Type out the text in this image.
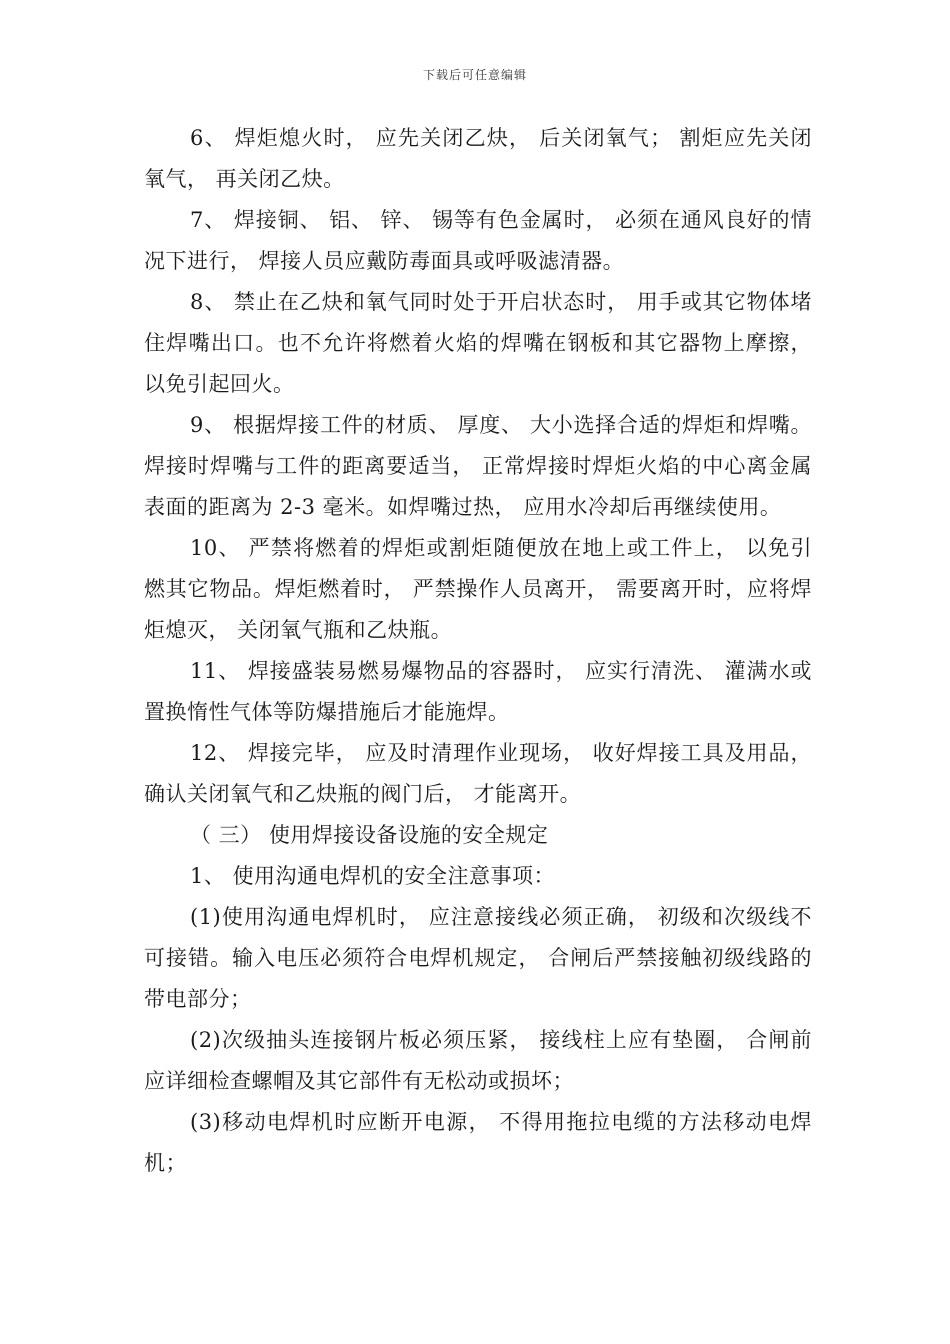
下载后可任意编辑

6、 焊炬熄火时， 应先关闭乙炔， 后关闭氧气； 割炬应先关闭氧气， 再关闭乙炔。

7、 焊接铜、 铝、 锌、 锡等有色金属时， 必须在通风良好的情况下进行， 焊接人员应戴防毒面具或呼吸滤清器。

8、 禁止在乙炔和氧气同时处于开启状态时， 用手或其它物体堵住焊嘴出口。也不允许将燃着火焰的焊嘴在钢板和其它器物上摩擦， 以免引起回火。

9、 根据焊接工件的材质、 厚度、 大小选择合适的焊炬和焊嘴。焊接时焊嘴与工件的距离要适当， 正常焊接时焊炬火焰的中心离金属表面的距离为 2-3 毫米。如焊嘴过热， 应用水冷却后再继续使用。

10、 严禁将燃着的焊炬或割炬随便放在地上或工件上， 以免引燃其它物品。焊炬燃着时， 严禁操作人员离开， 需要离开时，应将焊炬熄灭， 关闭氧气瓶和乙炔瓶。

11、 焊接盛装易燃易爆物品的容器时， 应实行清洗、 灌满水或置换惰性气体等防爆措施后才能施焊。

12、 焊接完毕， 应及时清理作业现场， 收好焊接工具及用品， 确认关闭氧气和乙炔瓶的阀门后， 才能离开。

（ 三） 使用焊接设备设施的安全规定

1、 使用沟通电焊机的安全注意事项：

(1)使用沟通电焊机时， 应注意接线必须正确， 初级和次级线不可接错。输入电压必须符合电焊机规定， 合闸后严禁接触初级线路的带电部分；

(2)次级抽头连接钢片板必须压紧， 接线柱上应有垫圈， 合闸前应详细检查螺帽及其它部件有无松动或损坏；

(3)移动电焊机时应断开电源， 不得用拖拉电缆的方法移动电焊机；
